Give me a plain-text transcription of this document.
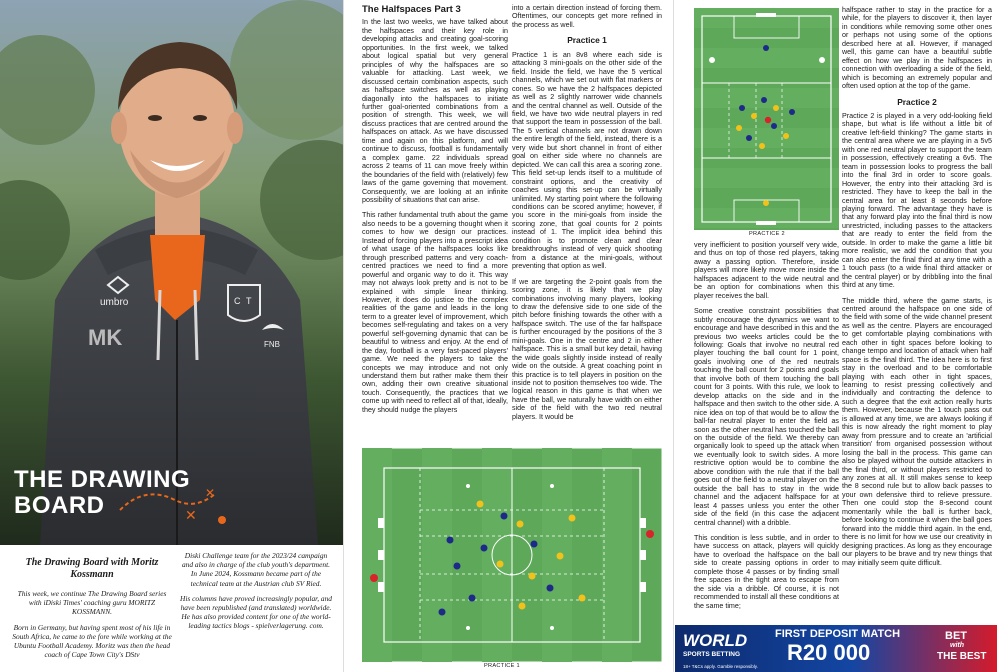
umbro
MK
C T
FNB
✕
✕
THE DRAWING
BOARD
The Drawing Board with Moritz Kossmann

This week, we continue The Drawing Board series with iDiski Times' coaching guru MORITZ KOSSMANN.

Born in Germany, but having spent most of his life in South Africa, he came to the fore while working at the Ubuntu Football Academy. Moritz was then the head coach of Cape Town City's DStv

Diski Challenge team for the 2023/24 campaign and also in charge of the club youth's department. In June 2024, Kossmann became part of the technical team at the Austrian club SV Ried.

His columns have proved increasingly popular, and have been republished (and translated) worldwide. He has also provided content for one of the world-leading tactics blogs - spielverlagerung. com.

The Halfspaces Part 3

In the last two weeks, we have talked about the halfspaces and their key role in developing attacks and creating goal-scoring opportunities. In the first week, we talked about logical spatial but very general principles of why the halfspaces are so valuable for attacking. Last week, we discussed certain combination aspects, such as halfspace switches as well as playing diagonally into the halfspaces to initiate further goal-oriented combinations from a position of strength. This week, we will discuss practices that are centred around the halfspaces on attack. As we have discussed time and again on this platform, and will continue to discuss, football is fundamentally a complex game. 22 individuals spread across 2 teams of 11 can move freely within the boundaries of the field with (relatively) few laws of the game governing that movement. Consequently, we are looking at an infinite possibility of situations that can arise.

This rather fundamental truth about the game also needs to be a governing thought when it comes to how we design our practices. Instead of forcing players into a prescript idea of what usage of the halfspaces looks like through prescribed patterns and very coach-centred practices we need to find a more powerful and organic way to do it. This way may not always look pretty and is not to be explained with simple linear thinking. However, it does do justice to the complex realities of the game and leads in the long term to a greater level of improvement, which becomes self-regulating and takes on a very powerful self-governing dynamic that can be beautiful to witness and enjoy. At the end of the day, football is a very fast-paced players' game. We need the players to take the concepts we may introduce and not only understand them but rather make them their own, adding their own creative situational touch. Consequently, the practices that we come up with need to reflect all of that, ideally, they should nudge the players

into a certain direction instead of forcing them. Oftentimes, our concepts get more refined in the process as well.

Practice 1

Practice 1 is an 8v8 where each side is attacking 3 mini-goals on the other side of the field. Inside the field, we have the 5 vertical channels, which we set out with flat markers or cones. So we have the 2 halfspaces depicted as well as 2 slightly narrower wide channels and the central channel as well. Outside of the field, we have two wide neutral players in red that support the team in possession of the ball. The 5 vertical channels are not drawn down the entire length of the field, instead, there is a very wide but short channel in front of either goal on either side where no channels are depicted. We can call this area a scoring zone. This field set-up lends itself to a multitude of constraint options, and the creativity of coaches using this set-up can be virtually unlimited. My starting point where the following conditions can be scored anytime; however, if you score in the mini-goals from inside the scoring zone, that goal counts for 2 points instead of 1. The implicit idea behind this condition is to promote clean and clear breakthroughs instead of very quick shooting from a distance at the mini-goals, without preventing that option as well.

If we are targeting the 2-point goals from the scoring zone, it is likely that we play combinations involving many players, looking to draw the defensive side to one side of the pitch before finishing towards the other with a halfspace switch. The use of the far halfspace is further encouraged by the positions of the 3 mini-goals. One in the centre and 2 in either halfspace. This is a small but key detail, having the wide goals slightly inside instead of really wide on the outside. A great coaching point in this practice is to tell players in position on the inside not to position themselves too wide. The logical reason in this game is that when we have the ball, we naturally have width on either side of the field with the two red neutral players. It would be

PRACTICE 1
PRACTICE 2

halfspace rather to stay in the practice for a while, for the players to discover it, then layer in conditions while removing some other ones or perhaps not using some of the options described here at all. However, if managed well, this game can have a beautiful subtle effect on how we play in the halfspaces in connection with overloading a side of the field, which is becoming an extremely popular and often used option at the top of the game.

Practice 2

Practice 2 is played in a very odd-looking field shape, but what is life without a little bit of creative left-field thinking? The game starts in the central area where we are playing in a 5v5 with one red neutral player to support the team in possession, effectively creating a 6v5. The team in possession looks to progress the ball into the final 3rd in order to score goals. However, the entry into their attacking 3rd is restricted. They have to keep the ball in the central area for at least 8 seconds before playing forward. The advantage they have is that any forward play into the final third is now unrestricted, including passes to the attackers that are ready to enter the field from the outside. In order to make the game a little bit more realistic, we add the condition that you can also enter the final third at any time with a 1 touch pass (to a wide final third attacker or the central player) or by dribbling into the final third at any time.

The middle third, where the game starts, is centred around the halfspace on one side of the field with some of the wide channel present as well as the centre. Players are encouraged to get comfortable playing combinations with each other in tight spaces before looking to change tempo and location of attack when half space is the final third. The idea here is to first stay in the overload and to be comfortable playing with each other in tight spaces, learning to resist pressing collectively and individually and contracting the defence to such a degree that the exit action really hurts them. However, because the 1 touch pass out is allowed at any time, we are always looking if this is now already the right moment to play away from pressure and to create an 'artificial transition' from organised possession without losing the ball in the process. This game can also be played without the outside attackers in the final third, or without players restricted to any zones at all. It still makes sense to keep the 8 second rule but to allow back passes to your own defensive third to relieve pressure. Then one could stop the 8-second count momentarily while the ball is further back, before looking to continue it when the ball goes forward into the middle third again. In the end, there is no limit for how we use our creativity in designing practices. As long as they encourage our players to be brave and try new things that may initially seem quite difficult.

very inefficient to position yourself very wide, and thus on top of those red players, taking away a passing option. Therefore, inside players will more likely move more inside the halfspaces adjacent to the wide neutral and be an option for combinations when this player receives the ball.

Some creative constraint possibilities that subtly encourage the dynamics we want to encourage and have described in this and the previous two weeks articles could be the following: Goals that involve no neutral red player touching the ball count for 1 point, goals involving one of the red neutrals touching the ball count for 2 points and goals that involve both of them touching the ball count for 3 points. With this rule, we look to develop attacks on the side and in the halfspace and then switch to the other side. A nice idea on top of that would be to allow the ball-far neutral player to enter the field as soon as the other neutral has touched the ball on the outside of the field. We thereby can organically look to speed up the attack when we eventually look to switch sides. A more restrictive option would be to combine the above condition with the rule that if the ball goes out of the field to a neutral player on the outside the ball has to stay in the wide channel and the adjacent halfspace for at least 4 passes unless you enter the other side of the field (in this case the adjacent central channel) with a dribble.

This condition is less subtle, and in order to have success on attack, players will quickly have to overload the halfspace on the ball side to create passing options in order to complete those 4 passes or by finding small free spaces in the tight area to escape from the side via a dribble. Of course, it is not recommended to install all these conditions at the same time;

WORLD
SPORTS BETTING
FIRST DEPOSIT MATCH
R20 000
BET
with
THE BEST
18+ T&Cs apply. Gamble responsibly.
